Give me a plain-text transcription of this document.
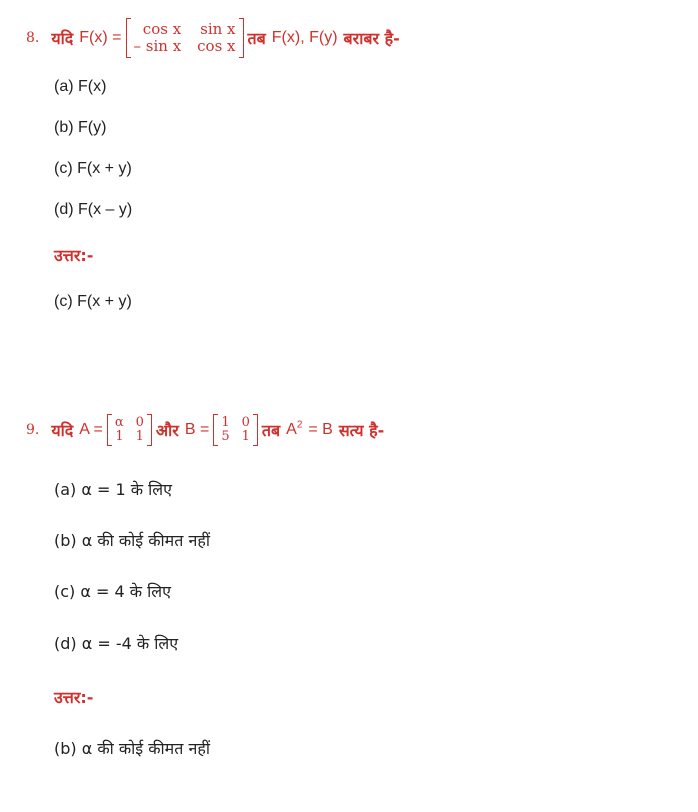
8. यदि F(x) =	cos x sin x
– sin x cos x तब F(x), F(y) बराबर है-
(a) F(x)
(b) F(y)
(c) F(x + y)
(d) F(x – y)
उत्तर:-
(c) F(x + y)
9. यदि A = α 0
1 1 और B = 1 0
5 1 तब $A^2 = B$ सत्य है-
(a) α = 1 के लिए
(b) α की कोई कीमत नहीं
(c) α = 4 के लिए
(d) α = -4 के लिए
उत्तर:-
(b) α की कोई कीमत नहीं
